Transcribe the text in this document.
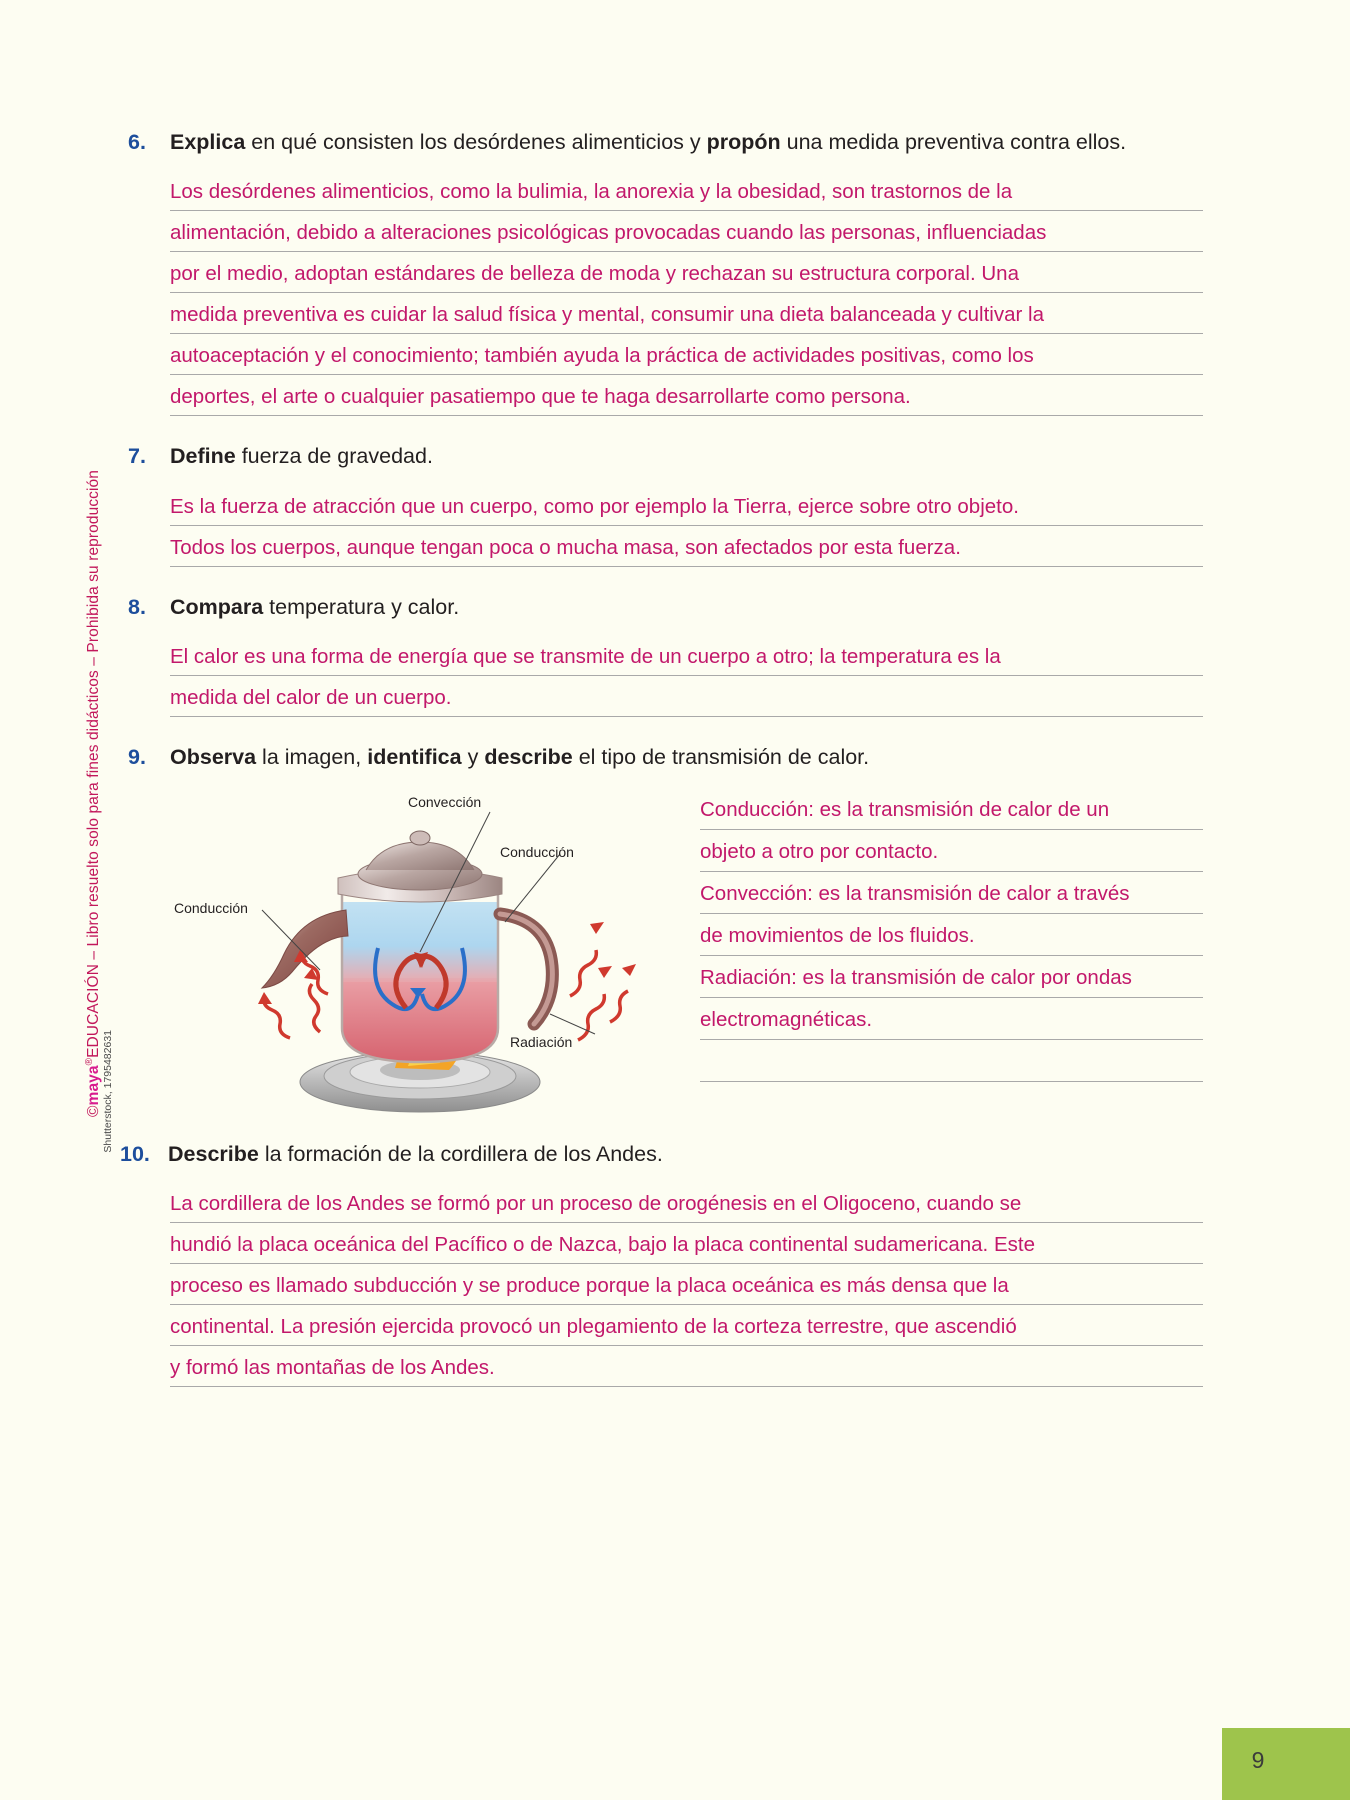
©maya®EDUCACIÓN – Libro resuelto solo para fines didácticos – Prohibida su reproducción
Shutterstock, 1795482631
6.	Explica en qué consisten los desórdenes alimenticios y propón una medida preventiva contra ellos.
Los desórdenes alimenticios, como la bulimia, la anorexia y la obesidad, son trastornos de la
alimentación, debido a alteraciones psicológicas provocadas cuando las personas, influenciadas
por el medio, adoptan estándares de belleza de moda y rechazan su estructura corporal. Una
medida preventiva es cuidar la salud física y mental, consumir una dieta balanceada y cultivar la
autoaceptación y el conocimiento; también ayuda la práctica de actividades positivas, como los
deportes, el arte o cualquier pasatiempo que te haga desarrollarte como persona.
7.	Define fuerza de gravedad.
Es la fuerza de atracción que un cuerpo, como por ejemplo la Tierra, ejerce sobre otro objeto.
Todos los cuerpos, aunque tengan poca o mucha masa, son afectados por esta fuerza.
8.	Compara temperatura y calor.
El calor es una forma de energía que se transmite de un cuerpo a otro; la temperatura es la
medida del calor de un cuerpo.
9.	Observa la imagen, identifica y describe el tipo de transmisión de calor.
Convección
Conducción
Conducción
Radiación
Conducción: es la transmisión de calor de un
objeto a otro por contacto.
Convección: es la transmisión de calor a través
de movimientos de los fluidos.
Radiación: es la transmisión de calor por ondas
electromagnéticas.
10. Describe la formación de la cordillera de los Andes.
La cordillera de los Andes se formó por un proceso de orogénesis en el Oligoceno, cuando se
hundió la placa oceánica del Pacífico o de Nazca, bajo la placa continental sudamericana. Este
proceso es llamado subducción y se produce porque la placa oceánica es más densa que la
continental. La presión ejercida provocó un plegamiento de la corteza terrestre, que ascendió
y formó las montañas de los Andes.
9
